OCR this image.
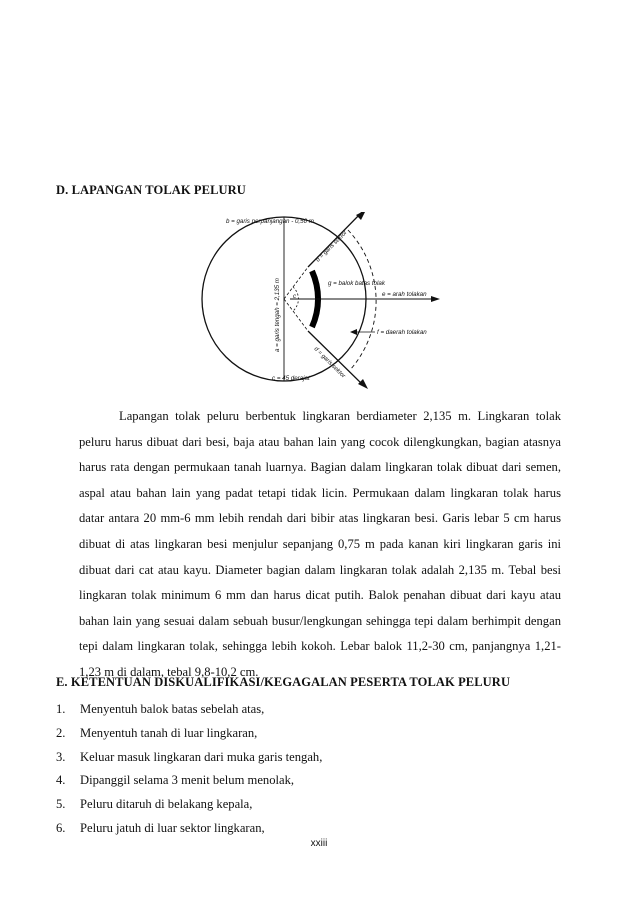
D. LAPANGAN TOLAK PELURU
b = garis perpanjangan - 0,50 m
a = garis tengah = 2,135 m
d = garis sektor
d = garis sektor
g = balok batas tolak
e = arah tolakan
f = daerah tolakan
c
c = 45 derajat
Lapangan tolak peluru berbentuk lingkaran berdiameter 2,135 m. Lingkaran tolak peluru harus dibuat dari besi, baja atau bahan lain yang cocok dilengkungkan, bagian atasnya harus rata dengan permukaan tanah luarnya. Bagian dalam lingkaran tolak dibuat dari semen, aspal atau bahan lain yang padat tetapi tidak licin. Permukaan dalam lingkaran tolak harus datar antara 20 mm-6 mm lebih rendah dari bibir atas lingkaran besi. Garis lebar 5 cm harus dibuat di atas lingkaran besi menjulur sepanjang 0,75 m pada kanan kiri lingkaran garis ini dibuat dari cat atau kayu. Diameter bagian dalam lingkaran tolak adalah 2,135 m. Tebal besi lingkaran tolak minimum 6 mm dan harus dicat putih. Balok penahan dibuat dari kayu atau bahan lain yang sesuai dalam sebuah busur/lengkungan sehingga tepi dalam berhimpit dengan tepi dalam lingkaran tolak, sehingga lebih kokoh. Lebar balok 11,2-30 cm, panjangnya 1,21-1,23 m di dalam, tebal 9,8-10,2 cm.
E. KETENTUAN DISKUALIFIKASI/KEGAGALAN PESERTA TOLAK PELURU
1. Menyentuh balok batas sebelah atas,
2. Menyentuh tanah di luar lingkaran,
3. Keluar masuk lingkaran dari muka garis tengah,
4. Dipanggil selama 3 menit belum menolak,
5. Peluru ditaruh di belakang kepala,
6. Peluru jatuh di luar sektor lingkaran,
xxiii
